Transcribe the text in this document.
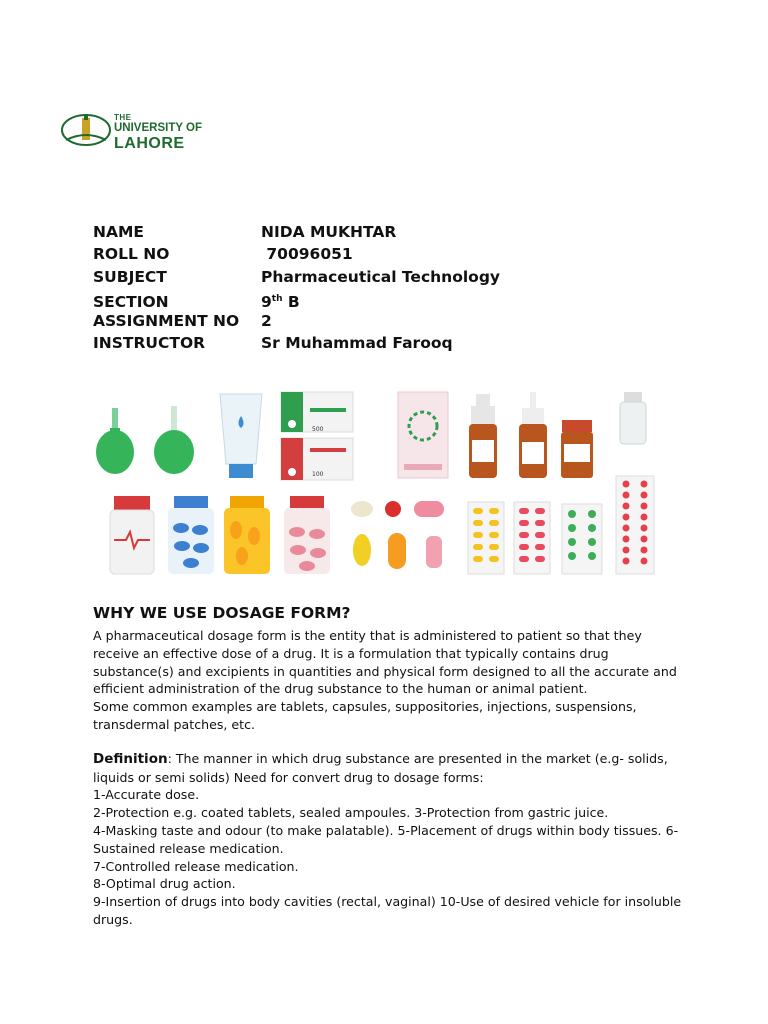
THE
UNIVERSITY OF
LAHORE
NAME	NIDA MUKHTAR
ROLL NO	70096051
SUBJECT	Pharmaceutical Technology
SECTION	9th B
ASSIGNMENT NO 2
INSTRUCTOR	Sr Muhammad Farooq
500
100
WHY WE USE DOSAGE FORM?

A pharmaceutical dosage form is the entity that is administered to patient so that they

receive an effective dose of a drug. It is a formulation that typically contains drug

substance(s) and excipients in quantities and physical form designed to all the accurate and

efficient administration of the drug substance to the human or animal patient.

Some common examples are tablets, capsules, suppositories, injections, suspensions,

transdermal patches, etc.

Definition: The manner in which drug substance are presented in the market (e.g- solids,

liquids or semi solids) Need for convert drug to dosage forms:

1-Accurate dose.

2-Protection e.g. coated tablets, sealed ampoules. 3-Protection from gastric juice.

4-Masking taste and odour (to make palatable). 5-Placement of drugs within body tissues. 6-

Sustained release medication.

7-Controlled release medication.

8-Optimal drug action.

9-Insertion of drugs into body cavities (rectal, vaginal) 10-Use of desired vehicle for insoluble

drugs.
